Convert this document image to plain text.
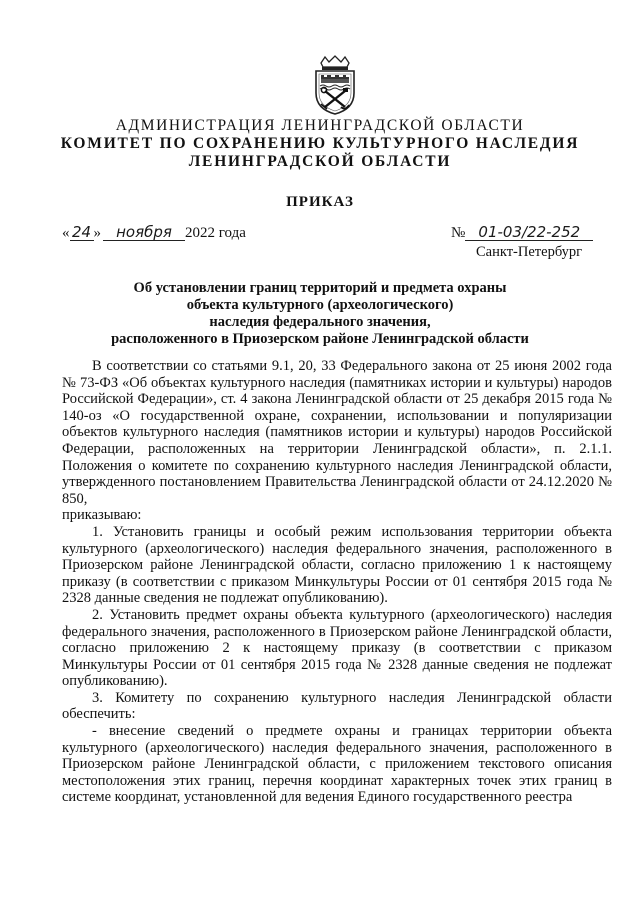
АДМИНИСТРАЦИЯ ЛЕНИНГРАДСКОЙ ОБЛАСТИ
КОМИТЕТ ПО СОХРАНЕНИЮ КУЛЬТУРНОГО НАСЛЕДИЯ
ЛЕНИНГРАДСКОЙ ОБЛАСТИ
ПРИКАЗ
« 24 » ноября 2022 года	№ 01-03/22-252
Санкт-Петербург
Об установлении границ территорий и предмета охраны
объекта культурного (археологического)
наследия федерального значения,
расположенного в Приозерском районе Ленинградской области

В соответствии со статьями 9.1, 20, 33 Федерального закона от 25 июня 2002 года № 73-ФЗ «Об объектах культурного наследия (памятниках истории и культуры) народов Российской Федерации», ст. 4 закона Ленинградской области от 25 декабря 2015 года № 140-оз «О государственной охране, сохранении, использовании и популяризации объектов культурного наследия (памятников истории и культуры) народов Российской Федерации, расположенных на территории Ленинградской области», п. 2.1.1. Положения о комитете по сохранению культурного наследия Ленинградской области, утвержденного постановлением Правительства Ленинградской области от 24.12.2020 № 850,

приказываю:

1. Установить границы и особый режим использования территории объекта культурного (археологического) наследия федерального значения, расположенного в Приозерском районе Ленинградской области, согласно приложению 1 к настоящему приказу (в соответствии с приказом Минкультуры России от 01 сентября 2015 года № 2328 данные сведения не подлежат опубликованию).

2. Установить предмет охраны объекта культурного (археологического) наследия федерального значения, расположенного в Приозерском районе Ленинградской области, согласно приложению 2 к настоящему приказу (в соответствии с приказом Минкультуры России от 01 сентября 2015 года № 2328 данные сведения не подлежат опубликованию).

3. Комитету по сохранению культурного наследия Ленинградской области обеспечить:

- внесение сведений о предмете охраны и границах территории объекта культурного (археологического) наследия федерального значения, расположенного в Приозерском районе Ленинградской области, с приложением текстового описания местоположения этих границ, перечня координат характерных точек этих границ в системе координат, установленной для ведения Единого государственного реестра
